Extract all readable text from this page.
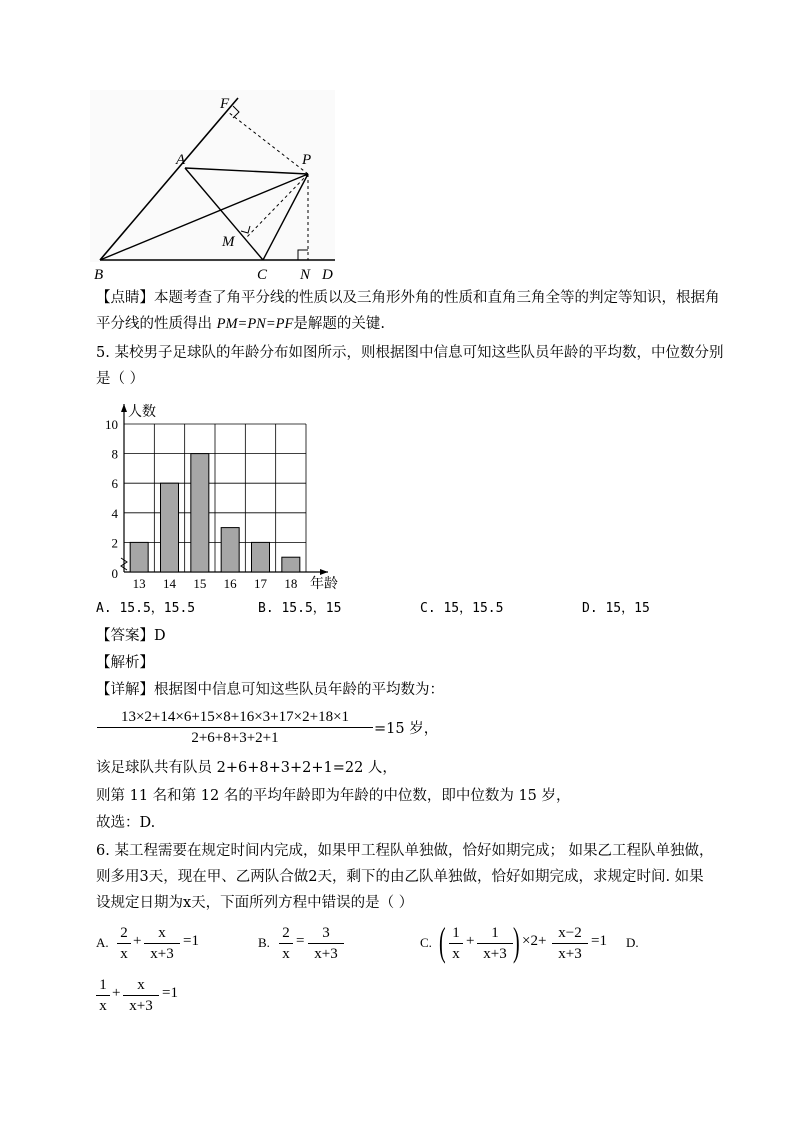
F
A	P
M
B	C N D
【点睛】本题考查了角平分线的性质以及三角形外角的性质和直角三角全等的判定等知识，根据角
平分线的性质得出 PM=PN=PF是解题的关键.
5. 某校男子足球队的年龄分布如图所示，则根据图中信息可知这些队员年龄的平均数，中位数分别
是（ ）
13 14 15 16 17 18
0
2
4
6
8
10
人数
年龄
A. 15.5，15.5	B. 15.5，15	C. 15，15.5	D. 15，15
【答案】D
【解析】
【详解】根据图中信息可知这些队员年龄的平均数为：
13×2+14×6+15×8+16×3+17×2+18×1
2+6+8+3+2+1
=15 岁，
该足球队共有队员 2+6+8+3+2+1=22 人，
则第 11 名和第 12 名的平均年龄即为年龄的中位数，即中位数为 15 岁，
故选：D.
6. 某工程需要在规定时间内完成，如果甲工程队单独做，恰好如期完成； 如果乙工程队单独做，
则多用3天，现在甲、乙两队合做2天，剩下的由乙队单独做，恰好如期完成，求规定时间. 如果
设规定日期为x天，下面所列方程中错误的是（ ）
A.
2
x
+	x
x+3
=1	B.
2
x
=	3
x+3
C. ( 1
x
+	1
x+3 ) ×2+ x−2
x+3
=1 D.
1
x
+	x
x+3
=1
